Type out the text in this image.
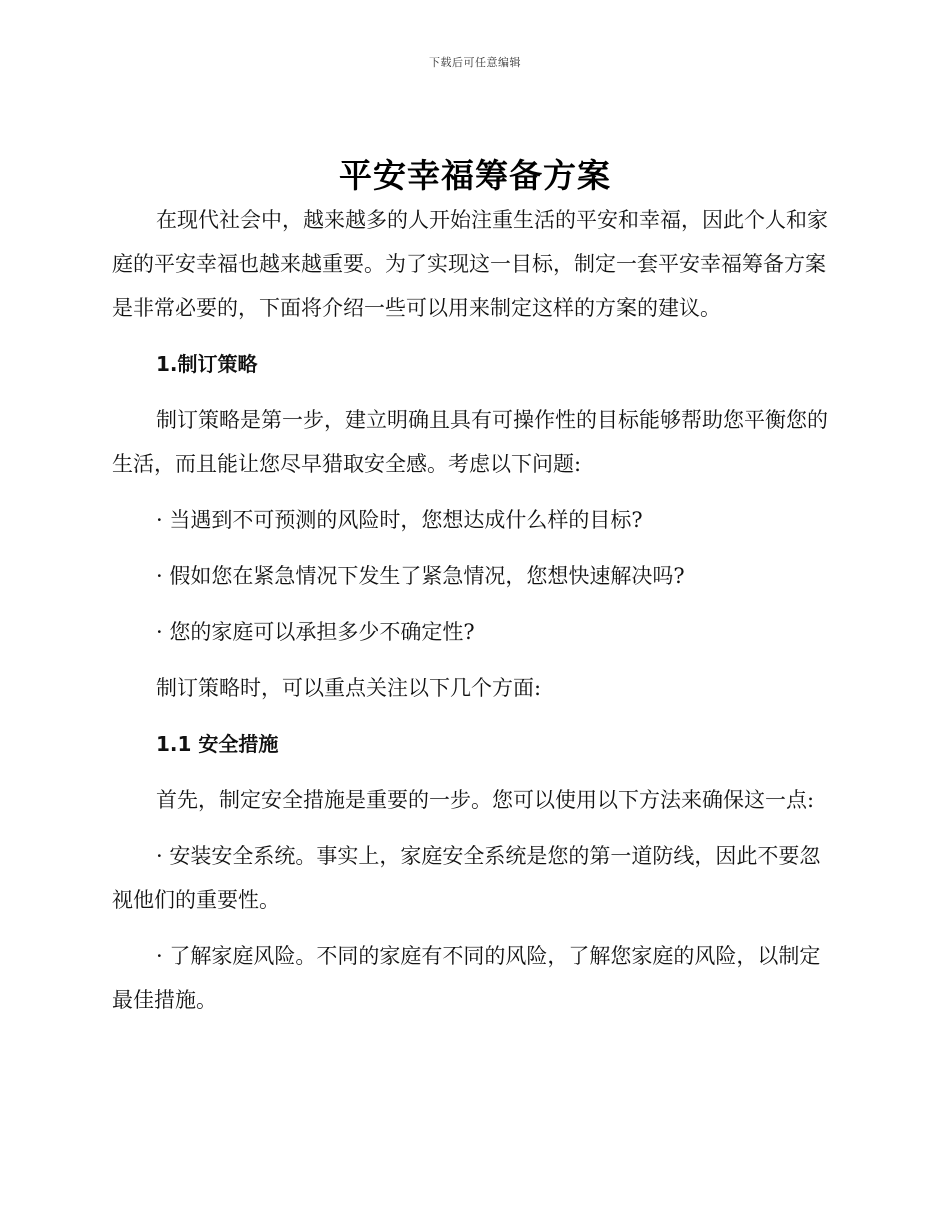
下载后可任意编辑
平安幸福筹备方案

在现代社会中，越来越多的人开始注重生活的平安和幸福，因此个人和家庭的平安幸福也越来越重要。为了实现这一目标，制定一套平安幸福筹备方案是非常必要的，下面将介绍一些可以用来制定这样的方案的建议。

1.制订策略

制订策略是第一步，建立明确且具有可操作性的目标能够帮助您平衡您的生活，而且能让您尽早猎取安全感。考虑以下问题:

· 当遇到不可预测的风险时，您想达成什么样的目标?

· 假如您在紧急情况下发生了紧急情况，您想快速解决吗?

· 您的家庭可以承担多少不确定性?

制订策略时，可以重点关注以下几个方面:

1.1 安全措施

首先，制定安全措施是重要的一步。您可以使用以下方法来确保这一点:

· 安装安全系统。事实上，家庭安全系统是您的第一道防线，因此不要忽视他们的重要性。

· 了解家庭风险。不同的家庭有不同的风险，了解您家庭的风险，以制定最佳措施。
